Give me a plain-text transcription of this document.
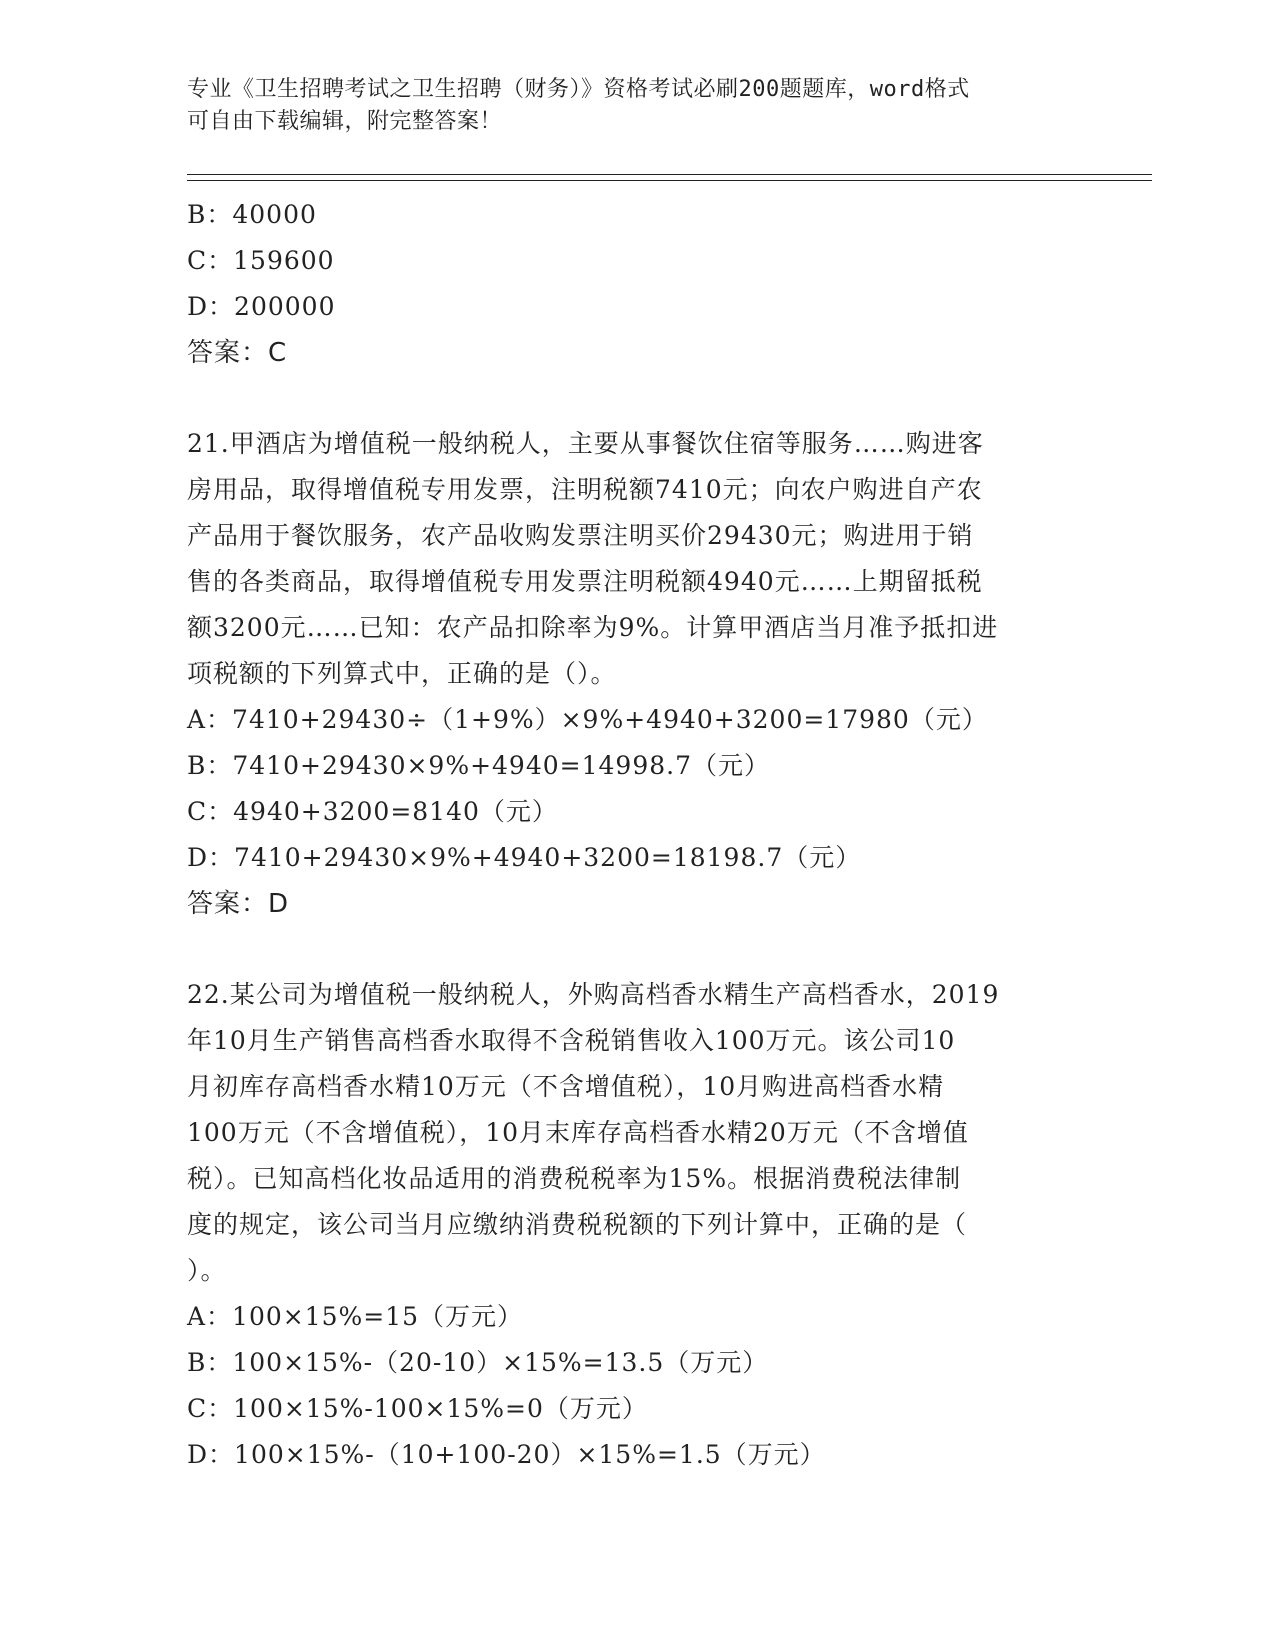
专业《卫生招聘考试之卫生招聘（财务）》资格考试必刷200题题库，word格式
可自由下载编辑，附完整答案！
B：40000
C：159600
D：200000
答案：C
21.甲酒店为增值税一般纳税人，主要从事餐饮住宿等服务……购进客
房用品，取得增值税专用发票，注明税额7410元；向农户购进自产农
产品用于餐饮服务，农产品收购发票注明买价29430元；购进用于销
售的各类商品，取得增值税专用发票注明税额4940元……上期留抵税
额3200元……已知：农产品扣除率为9%。计算甲酒店当月准予抵扣进
项税额的下列算式中，正确的是（）。
A：7410+29430÷（1+9%）×9%+4940+3200=17980（元）
B：7410+29430×9%+4940=14998.7（元）
C：4940+3200=8140（元）
D：7410+29430×9%+4940+3200=18198.7（元）
答案：D
22.某公司为增值税一般纳税人，外购高档香水精生产高档香水，2019
年10月生产销售高档香水取得不含税销售收入100万元。该公司10
月初库存高档香水精10万元（不含增值税），10月购进高档香水精
100万元（不含增值税），10月末库存高档香水精20万元（不含增值
税）。已知高档化妆品适用的消费税税率为15%。根据消费税法律制
度的规定，该公司当月应缴纳消费税税额的下列计算中，正确的是（
）。
A：100×15%=15（万元）
B：100×15%-（20-10）×15%=13.5（万元）
C：100×15%-100×15%=0（万元）
D：100×15%-（10+100-20）×15%=1.5（万元）
